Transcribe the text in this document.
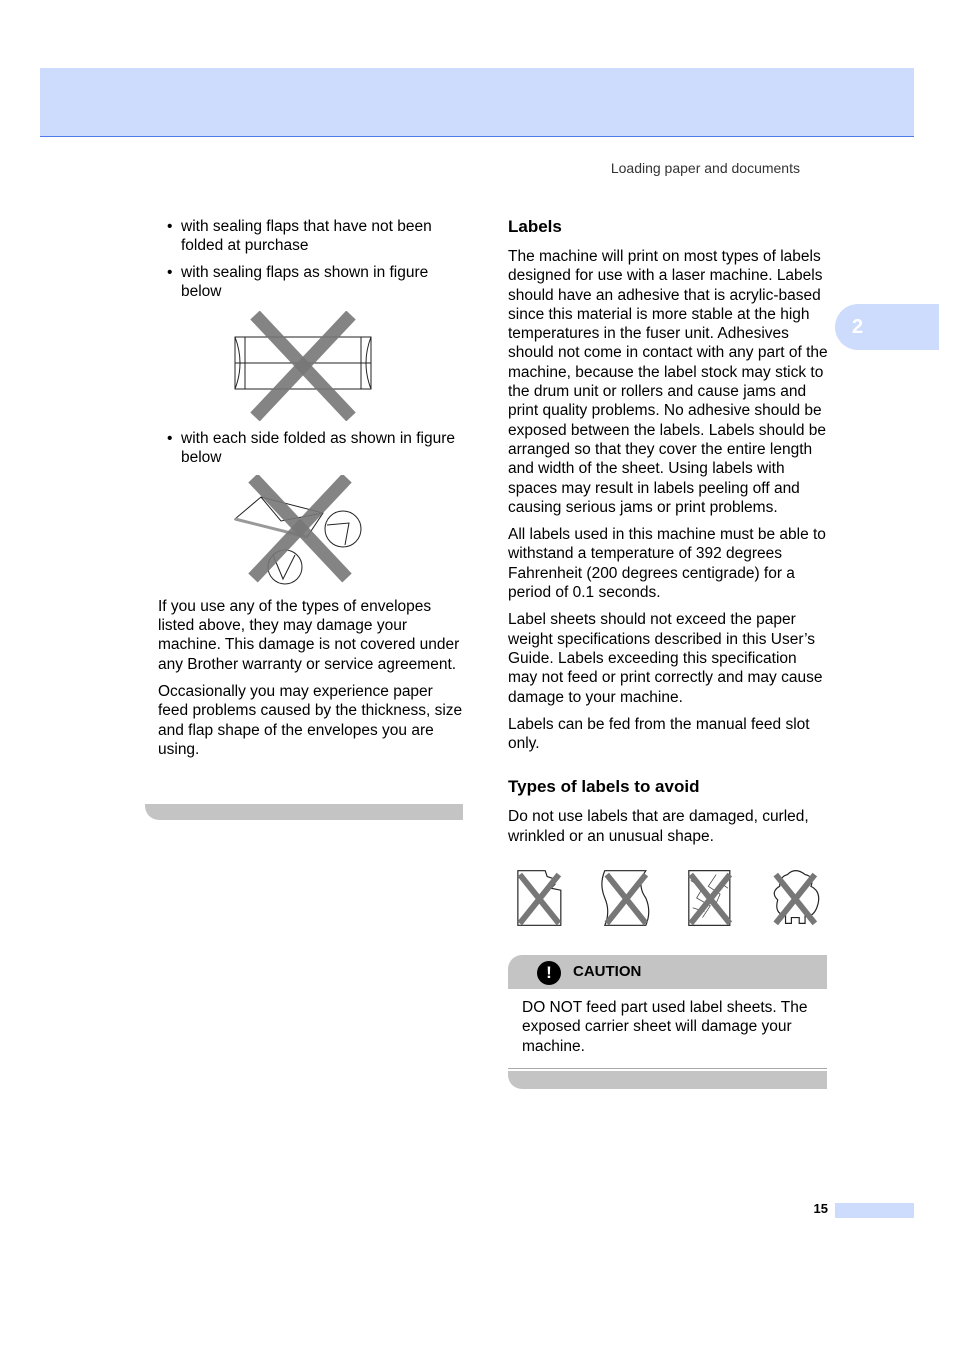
Loading paper and documents
2
• with sealing flaps that have not been folded at purchase
• with sealing flaps as shown in figure below
• with each side folded as shown in figure below

If you use any of the types of envelopes listed above, they may damage your machine. This damage is not covered under any Brother warranty or service agreement.

Occasionally you may experience paper feed problems caused by the thickness, size and flap shape of the envelopes you are using.

Labels

The machine will print on most types of labels designed for use with a laser machine. Labels should have an adhesive that is acrylic-based since this material is more stable at the high temperatures in the fuser unit. Adhesives should not come in contact with any part of the machine, because the label stock may stick to the drum unit or rollers and cause jams and print quality problems. No adhesive should be exposed between the labels. Labels should be arranged so that they cover the entire length and width of the sheet. Using labels with spaces may result in labels peeling off and causing serious jams or print problems.

All labels used in this machine must be able to withstand a temperature of 392 degrees Fahrenheit (200 degrees centigrade) for a period of 0.1 seconds.

Label sheets should not exceed the paper weight specifications described in this User’s Guide. Labels exceeding this specification may not feed or print correctly and may cause damage to your machine.

Labels can be fed from the manual feed slot only.

Types of labels to avoid

Do not use labels that are damaged, curled, wrinkled or an unusual shape.

!	CAUTION
DO NOT feed part used label sheets. The exposed carrier sheet will damage your machine.
15
